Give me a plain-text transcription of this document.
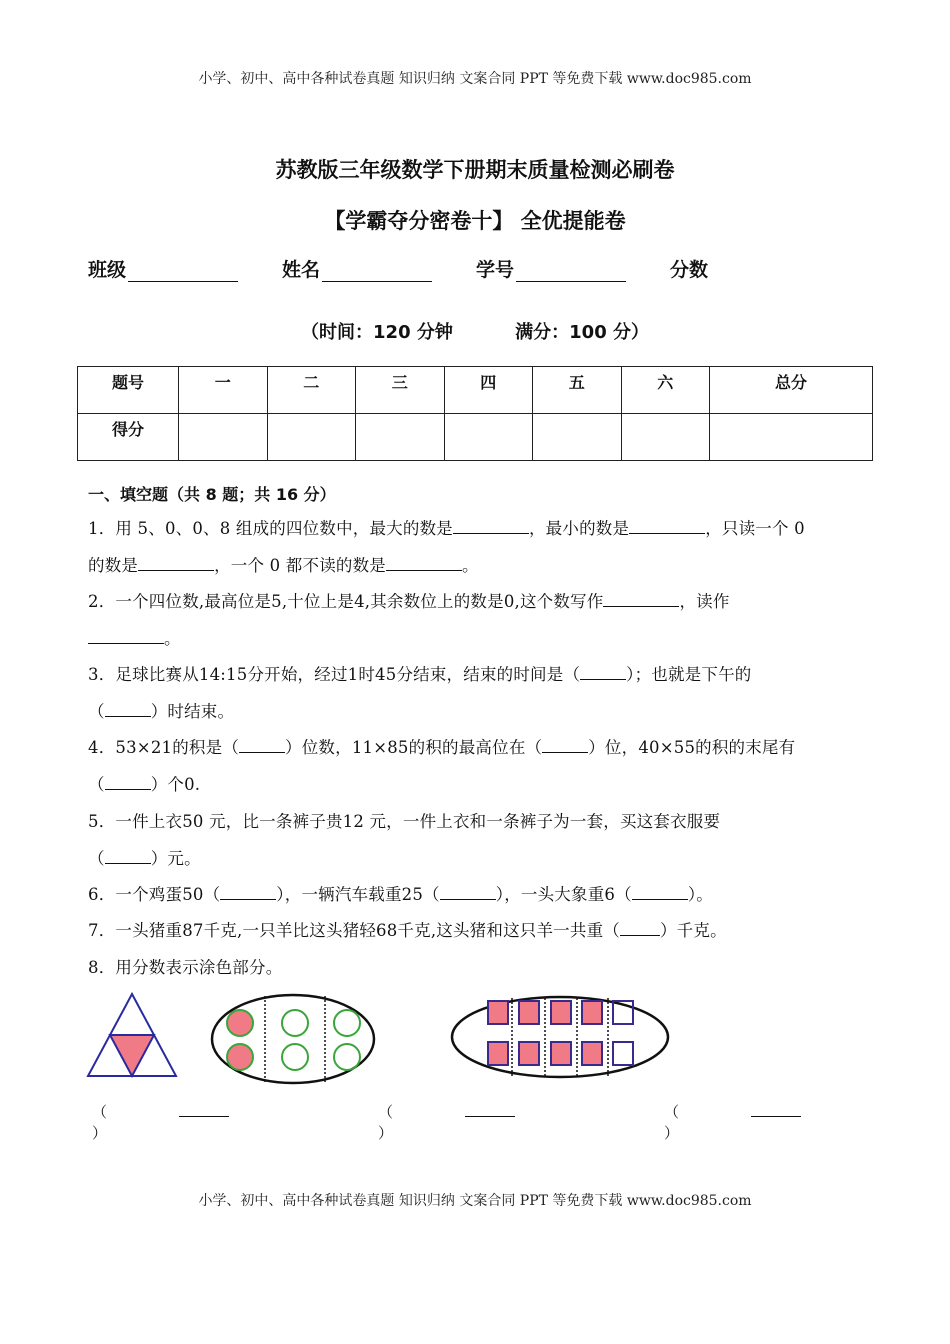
小学、初中、高中各种试卷真题 知识归纳 文案合同 PPT 等免费下载 www.doc985.com
苏教版三年级数学下册期末质量检测必刷卷
【学霸夺分密卷十】 全优提能卷
班级	姓名	学号	分数
（时间：120 分钟	满分：100 分）
题号	一	二	三	四	五	六	总分
得分							
一、填空题（共 8 题；共 16 分）
1．用 5、0、0、8 组成的四位数中，最大的数是	，最小的数是	，只读一个 0
的数是	，一个 0 都不读的数是	。
2．一个四位数,最高位是5,十位上是4,其余数位上的数是0,这个数写作	，读作
。
3．足球比赛从14:15分开始，经过1时45分结束，结束的时间是（	）；也就是下午的
（	）时结束。
4．53×21的积是（	）位数，11×85的积的最高位在（	）位，40×55的积的末尾有
（	）个0.
5．一件上衣50 元，比一条裤子贵12 元，一件上衣和一条裤子为一套，买这套衣服要
（	）元。
6．一个鸡蛋50（	），一辆汽车载重25（	），一头大象重6（	）。
7．一头猪重87千克,一只羊比这头猪轻68千克,这头猪和这只羊一共重（ ）千克。
8．用分数表示涂色部分。
（）
（）
（）
小学、初中、高中各种试卷真题 知识归纳 文案合同 PPT 等免费下载 www.doc985.com
